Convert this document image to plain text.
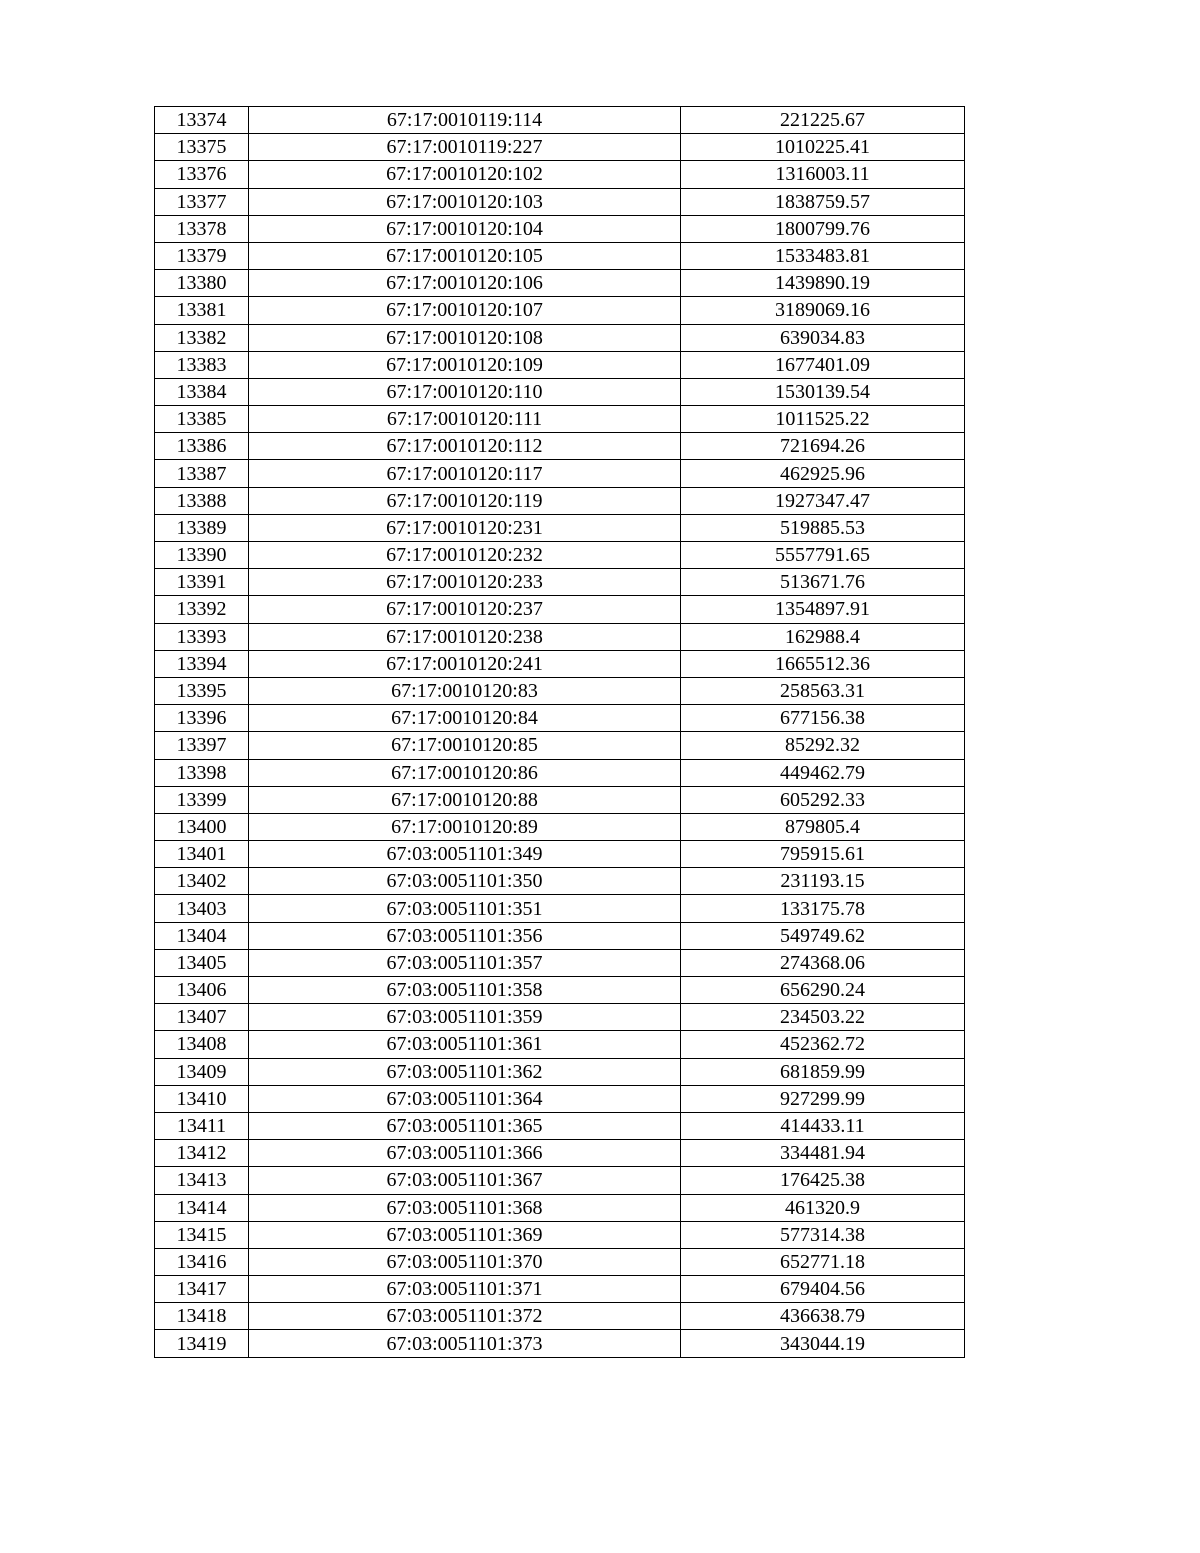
13374	67:17:0010119:114	221225.67
13375	67:17:0010119:227	1010225.41
13376	67:17:0010120:102	1316003.11
13377	67:17:0010120:103	1838759.57
13378	67:17:0010120:104	1800799.76
13379	67:17:0010120:105	1533483.81
13380	67:17:0010120:106	1439890.19
13381	67:17:0010120:107	3189069.16
13382	67:17:0010120:108	639034.83
13383	67:17:0010120:109	1677401.09
13384	67:17:0010120:110	1530139.54
13385	67:17:0010120:111	1011525.22
13386	67:17:0010120:112	721694.26
13387	67:17:0010120:117	462925.96
13388	67:17:0010120:119	1927347.47
13389	67:17:0010120:231	519885.53
13390	67:17:0010120:232	5557791.65
13391	67:17:0010120:233	513671.76
13392	67:17:0010120:237	1354897.91
13393	67:17:0010120:238	162988.4
13394	67:17:0010120:241	1665512.36
13395	67:17:0010120:83	258563.31
13396	67:17:0010120:84	677156.38
13397	67:17:0010120:85	85292.32
13398	67:17:0010120:86	449462.79
13399	67:17:0010120:88	605292.33
13400	67:17:0010120:89	879805.4
13401	67:03:0051101:349	795915.61
13402	67:03:0051101:350	231193.15
13403	67:03:0051101:351	133175.78
13404	67:03:0051101:356	549749.62
13405	67:03:0051101:357	274368.06
13406	67:03:0051101:358	656290.24
13407	67:03:0051101:359	234503.22
13408	67:03:0051101:361	452362.72
13409	67:03:0051101:362	681859.99
13410	67:03:0051101:364	927299.99
13411	67:03:0051101:365	414433.11
13412	67:03:0051101:366	334481.94
13413	67:03:0051101:367	176425.38
13414	67:03:0051101:368	461320.9
13415	67:03:0051101:369	577314.38
13416	67:03:0051101:370	652771.18
13417	67:03:0051101:371	679404.56
13418	67:03:0051101:372	436638.79
13419	67:03:0051101:373	343044.19
